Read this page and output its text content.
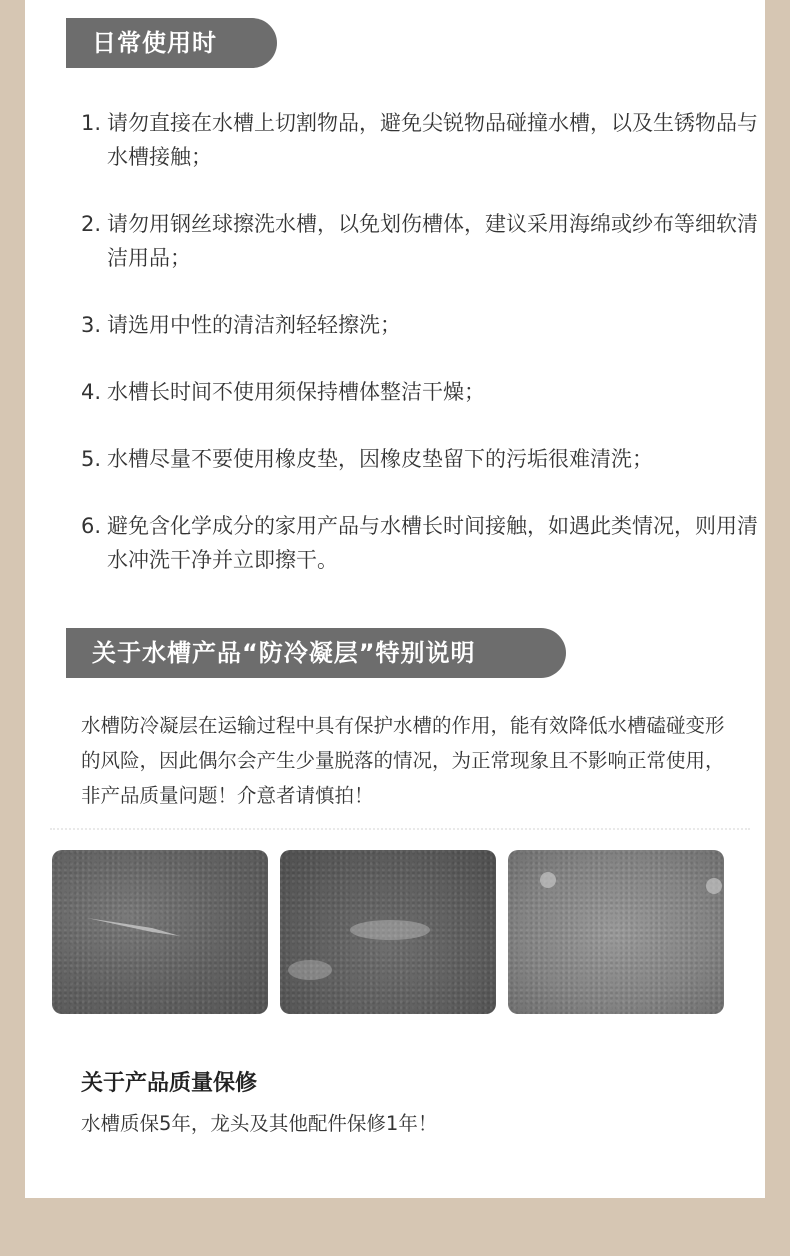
日常使用时
1. 请勿直接在水槽上切割物品，避免尖锐物品碰撞水槽，以及生锈物品与水槽接触；
2. 请勿用钢丝球擦洗水槽，以免划伤槽体，建议采用海绵或纱布等细软清洁用品；
3. 请选用中性的清洁剂轻轻擦洗；
4. 水槽长时间不使用须保持槽体整洁干燥；
5. 水槽尽量不要使用橡皮垫，因橡皮垫留下的污垢很难清洗；
6. 避免含化学成分的家用产品与水槽长时间接触，如遇此类情况，则用清水冲洗干净并立即擦干。
关于水槽产品“防冷凝层”特别说明
水槽防冷凝层在运输过程中具有保护水槽的作用，能有效降低水槽磕碰变形的风险，因此偶尔会产生少量脱落的情况，为正常现象且不影响正常使用，非产品质量问题！介意者请慎拍！
关于产品质量保修
水槽质保5年，龙头及其他配件保修1年！
